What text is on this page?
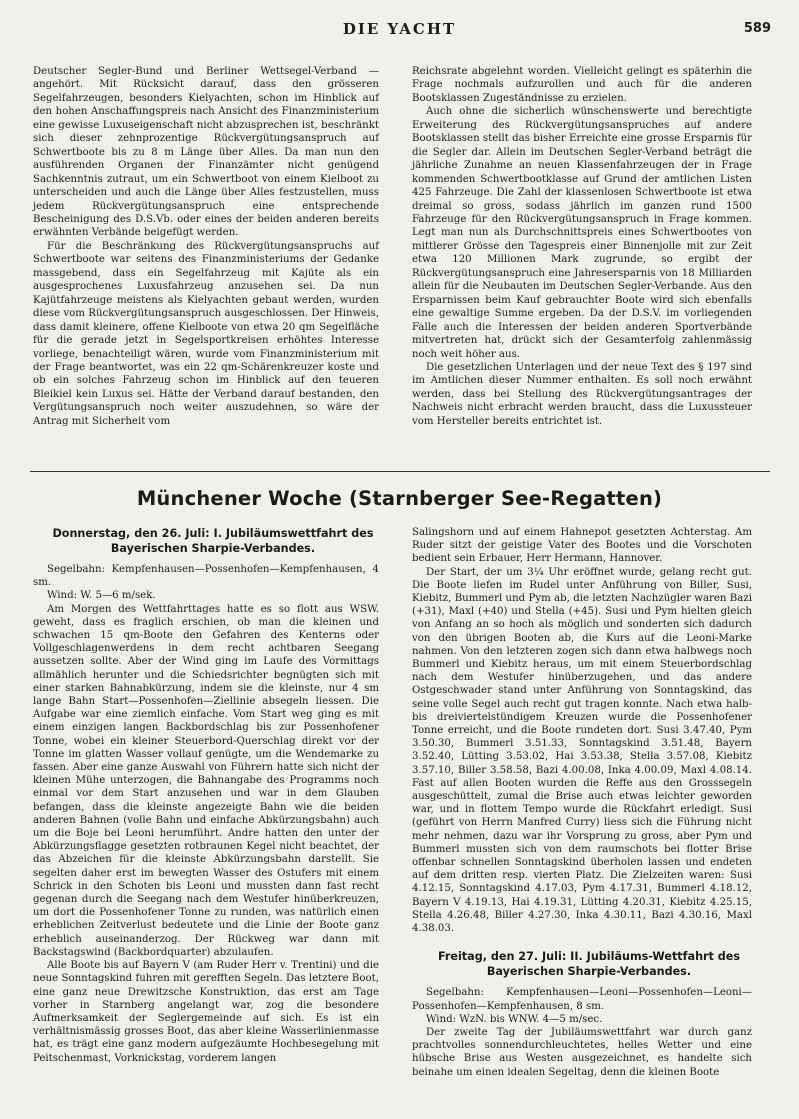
DIE YACHT	589

Deutscher Segler-Bund und Berliner Wettsegel-Verband — angehört. Mit Rücksicht darauf, dass den grösseren Segelfahrzeugen, besonders Kielyachten, schon im Hinblick auf den hohen Anschaffungspreis nach Ansicht des Finanzministerium eine gewisse Luxuseigenschaft nicht abzusprechen ist, beschränkt sich dieser zehnprozentige Rückvergütungsanspruch auf Schwertboote bis zu 8 m Länge über Alles. Da man nun den ausführenden Organen der Finanzämter nicht genügend Sachkenntnis zutraut, um ein Schwertboot von einem Kielboot zu unterscheiden und auch die Länge über Alles festzustellen, muss jedem Rückvergütungsanspruch eine entsprechende Bescheinigung des D.S.Vb. oder eines der beiden anderen bereits erwähnten Verbände beigefügt werden.

Für die Beschränkung des Rückvergütungsanspruchs auf Schwertboote war seitens des Finanzministeriums der Gedanke massgebend, dass ein Segelfahrzeug mit Kajüte als ein ausgesprochenes Luxusfahrzeug anzusehen sei. Da nun Kajütfahrzeuge meistens als Kielyachten gebaut werden, wurden diese vom Rückvergütungsanspruch ausgeschlossen. Der Hinweis, dass damit kleinere, offene Kielboote von etwa 20 qm Segelfläche für die gerade jetzt in Segelsportkreisen erhöhtes Interesse vorliege, benachteiligt wären, wurde vom Finanzministerium mit der Frage beantwortet, was ein 22 qm-Schärenkreuzer koste und ob ein solches Fahrzeug schon im Hinblick auf den teueren Bleikiel kein Luxus sei. Hätte der Verband darauf bestanden, den Vergütungsanspruch noch weiter auszudehnen, so wäre der Antrag mit Sicherheit vom

Reichsrate abgelehnt worden. Vielleicht gelingt es späterhin die Frage nochmals aufzurollen und auch für die anderen Bootsklassen Zugeständnisse zu erzielen.

Auch ohne die sicherlich wünschenswerte und berechtigte Erweiterung des Rückvergütungsanspruches auf andere Bootsklassen stellt das bisher Erreichte eine grosse Ersparnis für die Segler dar. Allein im Deutschen Segler-Verband beträgt die jährliche Zunahme an neuen Klassenfahrzeugen der in Frage kommenden Schwertbootklasse auf Grund der amtlichen Listen 425 Fahrzeuge. Die Zahl der klassenlosen Schwertboote ist etwa dreimal so gross, sodass jährlich im ganzen rund 1500 Fahrzeuge für den Rückvergütungsanspruch in Frage kommen. Legt man nun als Durchschnittspreis eines Schwertbootes von mittlerer Grösse den Tagespreis einer Binnenjolle mit zur Zeit etwa 120 Millionen Mark zugrunde, so ergibt der Rückvergütungsanspruch eine Jahresersparnis von 18 Milliarden allein für die Neubauten im Deutschen Segler-Verbande. Aus den Ersparnissen beim Kauf gebrauchter Boote wird sich ebenfalls eine gewaltige Summe ergeben. Da der D.S.V. im vorliegenden Falle auch die Interessen der beiden anderen Sportverbände mitvertreten hat, drückt sich der Gesamterfolg zahlenmässig noch weit höher aus.

Die gesetzlichen Unterlagen und der neue Text des § 197 sind im Amtlichen dieser Nummer enthalten. Es soll noch erwähnt werden, dass bei Stellung des Rückvergütungsantrages der Nachweis nicht erbracht werden braucht, dass die Luxussteuer vom Hersteller bereits entrichtet ist.

Münchener Woche (Starnberger See-Regatten)

Donnerstag, den 26. Juli: I. Jubiläumswettfahrt des

Bayerischen Sharpie-Verbandes.

Segelbahn: Kempfenhausen—Possenhofen—Kempfenhausen, 4 sm.

Wind: W. 5—6 m/sek.

Am Morgen des Wettfahrttages hatte es so flott aus WSW. geweht, dass es fraglich erschien, ob man die kleinen und schwachen 15 qm-Boote den Gefahren des Kenterns oder Vollgeschlagenwerdens in dem recht achtbaren Seegang aussetzen sollte. Aber der Wind ging im Laufe des Vormittags allmählich herunter und die Schiedsrichter begnügten sich mit einer starken Bahnabkürzung, indem sie die kleinste, nur 4 sm lange Bahn Start—Possenhofen—Ziellinie absegeln liessen. Die Aufgabe war eine ziemlich einfache. Vom Start weg ging es mit einem einzigen langen Backbordschlag bis zur Possenhofener Tonne, wobei ein kleiner Steuerbord-Querschlag direkt vor der Tonne im glatten Wasser vollauf genügte, um die Wendemarke zu fassen. Aber eine ganze Auswahl von Führern hatte sich nicht der kleinen Mühe unterzogen, die Bahnangabe des Programms noch einmal vor dem Start anzusehen und war in dem Glauben befangen, dass die kleinste angezeigte Bahn wie die beiden anderen Bahnen (volle Bahn und einfache Abkürzungsbahn) auch um die Boje bei Leoni herumführt. Andre hatten den unter der Abkürzungsflagge gesetzten rotbraunen Kegel nicht beachtet, der das Abzeichen für die kleinste Abkürzungsbahn darstellt. Sie segelten daher erst im bewegten Wasser des Ostufers mit einem Schrick in den Schoten bis Leoni und mussten dann fast recht gegenan durch die Seegang nach dem Westufer hinüberkreuzen, um dort die Possenhofener Tonne zu runden, was natürlich einen erheblichen Zeitverlust bedeutete und die Linie der Boote ganz erheblich auseinanderzog. Der Rückweg war dann mit Backstagswind (Backbordquarter) abzulaufen.

Alle Boote bis auf Bayern V (am Ruder Herr v. Trentini) und die neue Sonntagskind fuhren mit gerefften Segeln. Das letztere Boot, eine ganz neue Drewitzsche Konstruktion, das erst am Tage vorher in Starnberg angelangt war, zog die besondere Aufmerksamkeit der Seglergemeinde auf sich. Es ist ein verhältnismässig grosses Boot, das aber kleine Wasserlinienmasse hat, es trägt eine ganz modern aufgezäumte Hochbesegelung mit Peitschenmast, Vorknickstag, vorderem langen

Salingshorn und auf einem Hahnepot gesetzten Achterstag. Am Ruder sitzt der geistige Vater des Bootes und die Vorschoten bedient sein Erbauer, Herr Hermann, Hannover.

Der Start, der um 3¼ Uhr eröffnet wurde, gelang recht gut. Die Boote liefen im Rudel unter Anführung von Biller, Susi, Kiebitz, Bummerl und Pym ab, die letzten Nachzügler waren Bazi (+31), Maxl (+40) und Stella (+45). Susi und Pym hielten gleich von Anfang an so hoch als möglich und sonderten sich dadurch von den übrigen Booten ab, die Kurs auf die Leoni-Marke nahmen. Von den letzteren zogen sich dann etwa halbwegs noch Bummerl und Kiebitz heraus, um mit einem Steuerbordschlag nach dem Westufer hinüberzugehen, und das andere Ostgeschwader stand unter Anführung von Sonntagskind, das seine volle Segel auch recht gut tragen konnte. Nach etwa halb- bis dreiviertelstündigem Kreuzen wurde die Possenhofener Tonne erreicht, und die Boote rundeten dort. Susi 3.47.40, Pym 3.50.30, Bummerl 3.51.33, Sonntagskind 3.51.48, Bayern 3.52.40, Lütting 3.53.02, Hai 3.53.38, Stella 3.57.08, Kiebitz 3.57.10, Biller 3.58.58, Bazi 4.00.08, Inka 4.00.09, Maxl 4.08.14. Fast auf allen Booten wurden die Reffe aus den Grosssegeln ausgeschüttelt, zumal die Brise auch etwas leichter geworden war, und in flottem Tempo wurde die Rückfahrt erledigt. Susi (geführt von Herrn Manfred Curry) liess sich die Führung nicht mehr nehmen, dazu war ihr Vorsprung zu gross, aber Pym und Bummerl mussten sich von dem raumschots bei flotter Brise offenbar schnellen Sonntagskind überholen lassen und endeten auf dem dritten resp. vierten Platz. Die Zielzeiten waren: Susi 4.12.15, Sonntagskind 4.17.03, Pym 4.17.31, Bummerl 4.18.12, Bayern V 4.19.13, Hai 4.19.31, Lütting 4.20.31, Kiebitz 4.25.15, Stella 4.26.48, Biller 4.27.30, Inka 4.30.11, Bazi 4.30.16, Maxl 4.38.03.

Freitag, den 27. Juli: II. Jubiläums-Wettfahrt des

Bayerischen Sharpie-Verbandes.

Segelbahn: Kempfenhausen—Leoni—Possenhofen—Leoni—Possenhofen—Kempfenhausen, 8 sm.

Wind: WzN. bis WNW. 4—5 m/sec.

Der zweite Tag der Jubiläumswettfahrt war durch ganz prachtvolles sonnendurchleuchtetes, helles Wetter und eine hübsche Brise aus Westen ausgezeichnet, es handelte sich beinahe um einen idealen Segeltag, denn die kleinen Boote
